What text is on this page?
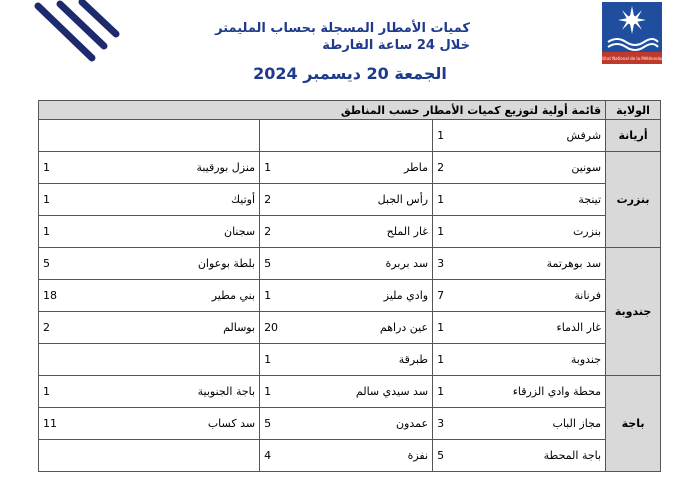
Institut National de la Météorologie
كميات الأمطار المسجلة بحساب المليمتر
خلال 24 ساعة الفارطة
الجمعة 20 ديسمبر 2024
الولاية	قائمة أولية لتوزيع كميات الأمطار حسب المناطق					
أريانة	شرفش	1				
بنزرت	سونين	2	ماطر	1	منزل بورقيبة	1
	تينجة	1	رأس الجبل	2	أوتيك	1
	بنزرت	1	غار الملح	2	سجنان	1
جندوبة	سد بوهرتمة	3	سد بربرة	5	بلطة بوعوان	5
	فرنانة	7	وادي مليز	1	بني مطير	18
	غار الدماء	1	عين دراهم	20	بوسالم	2
	جندوبة	1	طبرقة	1		
باجة	محطة وادي الزرقاء	1	سد سيدي سالم	1	باجة الجنوبية	1
	مجاز الباب	3	عمدون	5	سد كساب	11
	باجة المحطة	5	نفزة	4		
